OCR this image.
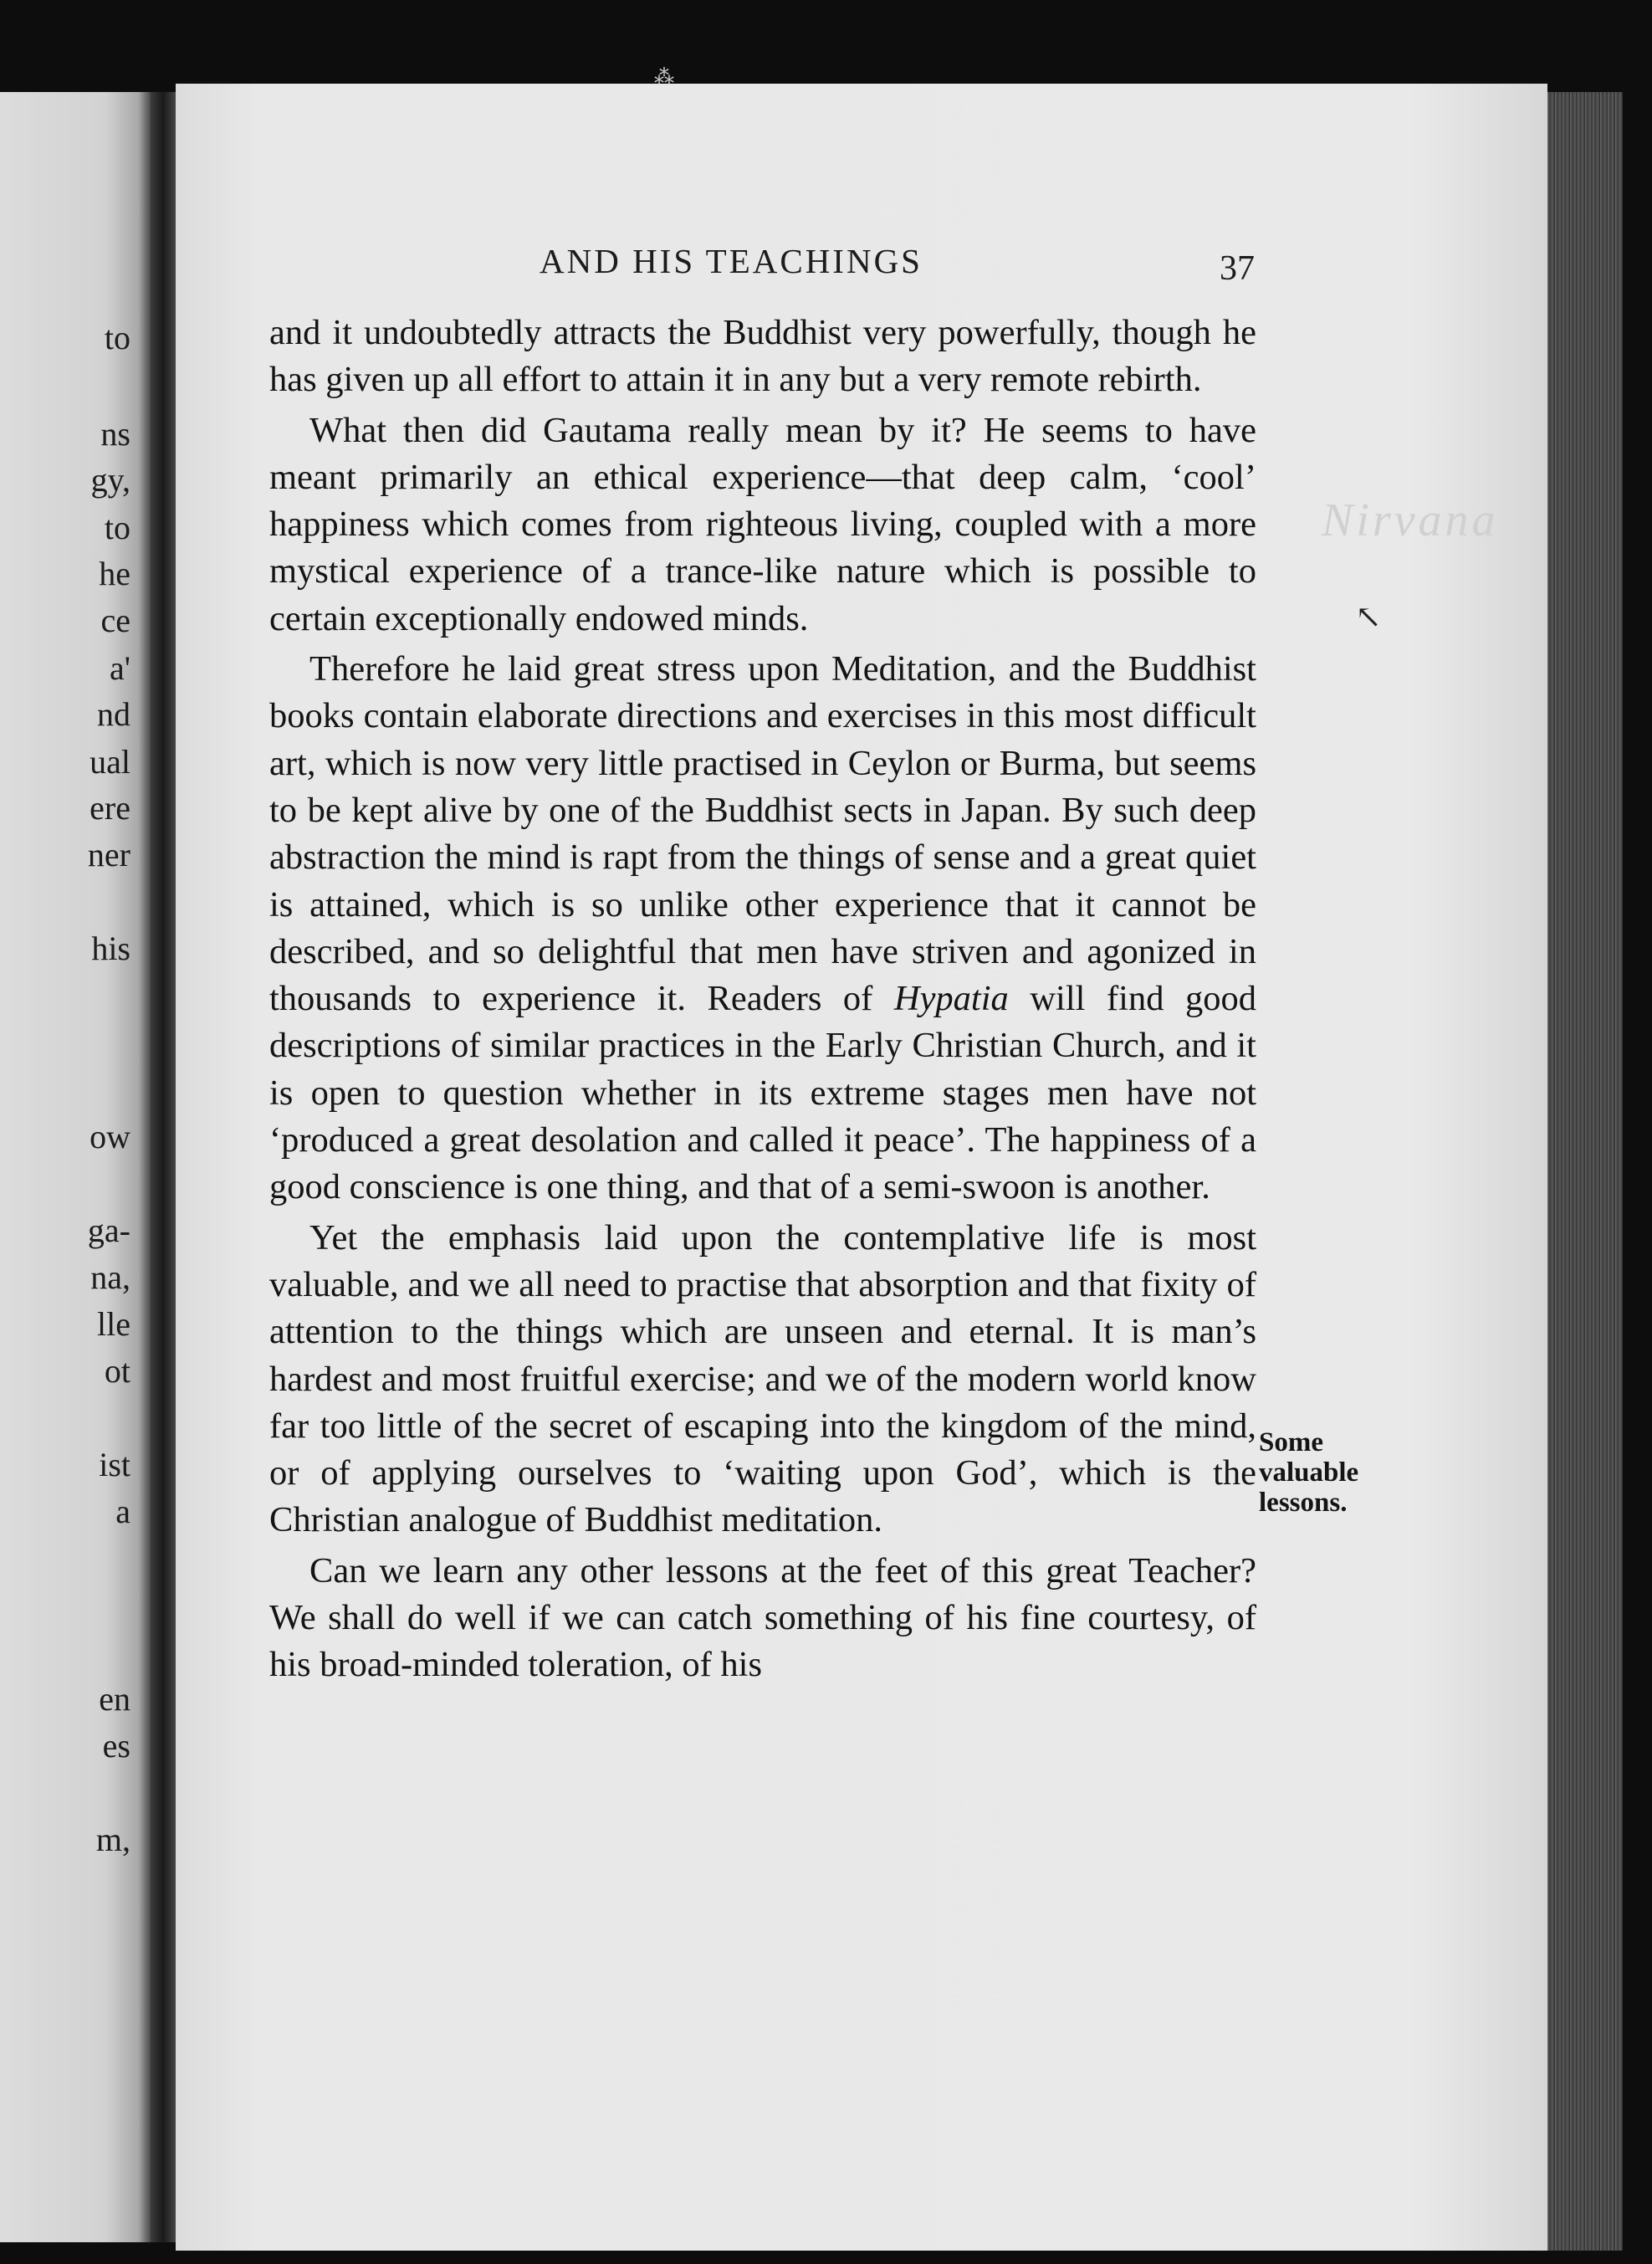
to
ns
gy,
to
he
ce
a'
nd
ual
ere
ner
his
ow
ga-
na,
lle
ot
ist
a
en
es
m,
⁂
AND HIS TEACHINGS	37
Nirvana
↖

and it undoubtedly attracts the Buddhist very powerfully, though he has given up all effort to attain it in any but a very remote rebirth.

What then did Gautama really mean by it? He seems to have meant primarily an ethical experience—that deep calm, ‘cool’ happiness which comes from righteous living, coupled with a more mystical experience of a trance-like nature which is possible to certain exceptionally endowed minds.

Therefore he laid great stress upon Meditation, and the Buddhist books contain elaborate directions and exercises in this most difficult art, which is now very little practised in Ceylon or Burma, but seems to be kept alive by one of the Buddhist sects in Japan. By such deep abstraction the mind is rapt from the things of sense and a great quiet is attained, which is so unlike other experience that it cannot be described, and so delightful that men have striven and agonized in thousands to experience it. Readers of Hypatia will find good descriptions of similar practices in the Early Christian Church, and it is open to question whether in its extreme stages men have not ‘produced a great desolation and called it peace’. The happiness of a good conscience is one thing, and that of a semi-swoon is another.

Yet the emphasis laid upon the contemplative life is most valuable, and we all need to practise that absorption and that fixity of attention to the things which are unseen and eternal. It is man’s hardest and most fruitful exercise; and we of the modern world know far too little of the secret of escaping into the kingdom of the mind, or of applying ourselves to ‘waiting upon God’, which is the Christian analogue of Buddhist meditation.

Can we learn any other lessons at the feet of this great Teacher? We shall do well if we can catch something of his fine courtesy, of his broad-minded toleration, of his

Some valuable lessons.
